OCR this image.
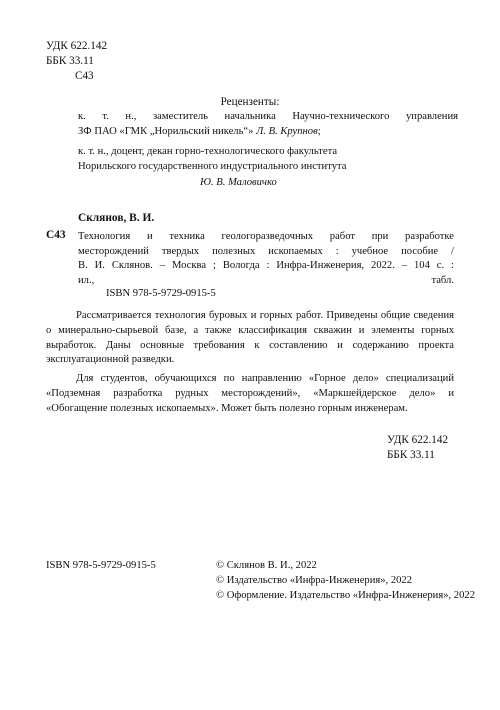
УДК 622.142
ББК 33.11
С43
Рецензенты:
к. т. н., заместитель начальника Научно-технического управления
ЗФ ПАО «ГМК „Норильский никель“» Л. В. Крупнов;
к. т. н., доцент, декан горно-технологического факультета
Норильского государственного индустриального института
Ю. В. Маловичко
Склянов, В. И.
С43 Технология и техника геологоразведочных работ при разработке
месторождений твердых полезных ископаемых : учебное пособие /
В. И. Склянов. – Москва ; Вологда : Инфра-Инженерия, 2022. – 104 с. :
ил., табл.
ISBN 978-5-9729-0915-5
Рассматривается технология буровых и горных работ. Приведены общие сведения о минерально-сырьевой базе, а также классификация скважин и элементы горных выработок. Даны основные требования к составлению и содержанию проекта эксплуатационной разведки.
Для студентов, обучающихся по направлению «Горное дело» специализаций «Подземная разработка рудных месторождений», «Маркшейдерское дело» и «Обогащение полезных ископаемых». Может быть полезно горным инженерам.
УДК 622.142
ББК 33.11
ISBN 978-5-9729-0915-5	© Склянов В. И., 2022
© Издательство «Инфра-Инженерия», 2022
© Оформление. Издательство «Инфра-Инженерия», 2022
